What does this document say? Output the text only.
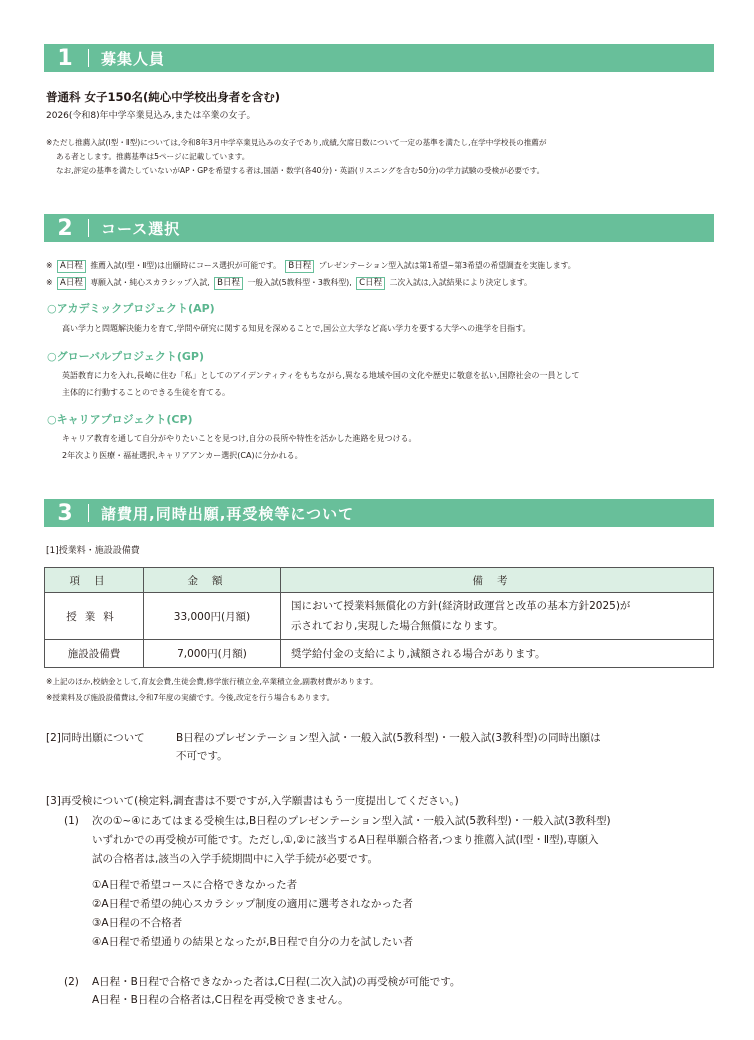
1	募集人員
普通科 女子150名(純心中学校出身者を含む)
2026(令和8)年中学卒業見込み,または卒業の女子。
※ただし推薦入試(Ⅰ型・Ⅱ型)については,令和8年3月中学卒業見込みの女子であり,成績,欠席日数について一定の基準を満たし,在学中学校長の推薦が
ある者とします。推薦基準は5ページに記載しています。
なお,評定の基準を満たしていないがAP・GPを希望する者は,国語・数学(各40分)・英語(リスニングを含む50分)の学力試験の受検が必要です。
2	コース選択
※ A日程 推薦入試(Ⅰ型・Ⅱ型)は出願時にコース選択が可能です。 B日程 プレゼンテーション型入試は第1希望~第3希望の希望調査を実施します。
※ A日程 専願入試・純心スカラシップ入試, B日程 一般入試(5教科型・3教科型), C日程 二次入試は,入試結果により決定します。
○アカデミックプロジェクト(AP)
高い学力と問題解決能力を育て,学問や研究に関する知見を深めることで,国公立大学など高い学力を要する大学への進学を目指す。
○グローバルプロジェクト(GP)
英語教育に力を入れ,長崎に住む「私」としてのアイデンティティをもちながら,異なる地域や国の文化や歴史に敬意を払い,国際社会の一員として
主体的に行動することのできる生徒を育てる。
○キャリアプロジェクト(CP)
キャリア教育を通して自分がやりたいことを見つけ,自分の長所や特性を活かした進路を見つける。
2年次より医療・福祉選択,キャリアアンカー選択(CA)に分かれる。
3	諸費用,同時出願,再受検等について
[1]授業料・施設設備費
項目	金額	備考
授業料	33,000円(月額)	国において授業料無償化の方針(経済財政運営と改革の基本方針2025)が
示されており,実現した場合無償になります。

施設設備費	7,000円(月額)	奨学給付金の支給により,減額される場合があります。
※上記のほか,校納金として,育友会費,生徒会費,修学旅行積立金,卒業積立金,副教材費があります。
※授業料及び施設設備費は,令和7年度の実績です。今後,改定を行う場合もあります。
[2]同時出願について	B日程のプレゼンテーション型入試・一般入試(5教科型)・一般入試(3教科型)の同時出願は
不可です。
[3]再受検について(検定料,調査書は不要ですが,入学願書はもう一度提出してください。)
(1) 次の①~④にあてはまる受検生は,B日程のプレゼンテーション型入試・一般入試(5教科型)・一般入試(3教科型)
いずれかでの再受検が可能です。ただし,①,②に該当するA日程単願合格者,つまり推薦入試(Ⅰ型・Ⅱ型),専願入
試の合格者は,該当の入学手続期間中に入学手続が必要です。
①A日程で希望コースに合格できなかった者
②A日程で希望の純心スカラシップ制度の適用に選考されなかった者
③A日程の不合格者
④A日程で希望通りの結果となったが,B日程で自分の力を試したい者
(2) A日程・B日程で合格できなかった者は,C日程(二次入試)の再受検が可能です。
A日程・B日程の合格者は,C日程を再受検できません。
